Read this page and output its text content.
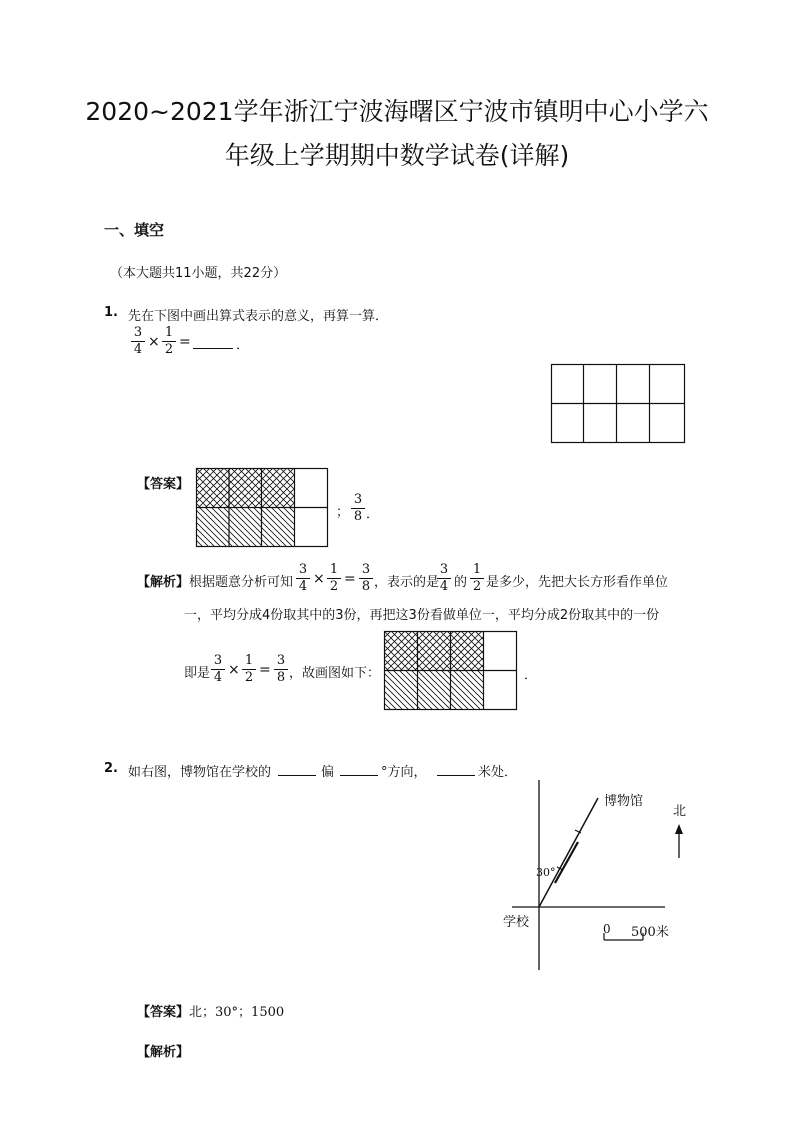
2020~2021学年浙江宁波海曙区宁波市镇明中心小学六
年级上学期期中数学试卷(详解)
一、填空
（本大题共11小题，共22分）
1. 先在下图中画出算式表示的意义，再算一算．
$\frac{3}{4} \times \frac{1}{2}$ =	．
【答案】
； $\frac{3}{8}$ ．
【解析】 根据题意分析可知 $\frac{3}{4} \times \frac{1}{2} = \frac{3}{8}$ ，表示的是
$\frac{3}{4}$ 的 $\frac{1}{2}$ 是多少，先把大长方形看作单位
一，平均分成4份取其中的3份，再把这3份看做单位一，平均分成2份取其中的一份
即是 $\frac{3}{4} \times \frac{1}{2} = \frac{3}{8}$ ，故画图如下：	．
2. 如右图，博物馆在学校的	偏	°方向，	米处．
博物馆
北
30°
学校	0 500米
【答案】 北；30°；1500
【解析】
